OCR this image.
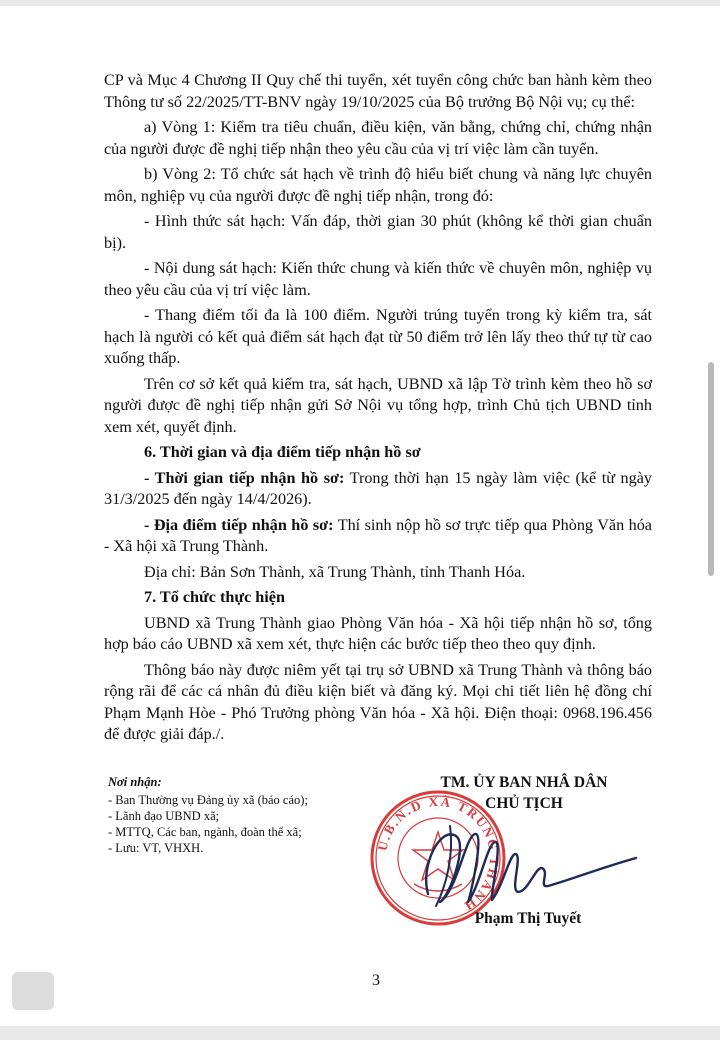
CP và Mục 4 Chương II Quy chế thi tuyển, xét tuyển công chức ban hành kèm theo Thông tư số 22/2025/TT-BNV ngày 19/10/2025 của Bộ trưởng Bộ Nội vụ; cụ thể:

a) Vòng 1: Kiểm tra tiêu chuẩn, điều kiện, văn bằng, chứng chỉ, chứng nhận của người được đề nghị tiếp nhận theo yêu cầu của vị trí việc làm cần tuyển.

b) Vòng 2: Tổ chức sát hạch về trình độ hiểu biết chung và năng lực chuyên môn, nghiệp vụ của người được đề nghị tiếp nhận, trong đó:

- Hình thức sát hạch: Vấn đáp, thời gian 30 phút (không kể thời gian chuẩn bị).

- Nội dung sát hạch: Kiến thức chung và kiến thức về chuyên môn, nghiệp vụ theo yêu cầu của vị trí việc làm.

- Thang điểm tối đa là 100 điểm. Người trúng tuyển trong kỳ kiểm tra, sát hạch là người có kết quả điểm sát hạch đạt từ 50 điểm trở lên lấy theo thứ tự từ cao xuống thấp.

Trên cơ sở kết quả kiểm tra, sát hạch, UBND xã lập Tờ trình kèm theo hồ sơ người được đề nghị tiếp nhận gửi Sở Nội vụ tổng hợp, trình Chủ tịch UBND tỉnh xem xét, quyết định.

6. Thời gian và địa điểm tiếp nhận hồ sơ

- Thời gian tiếp nhận hồ sơ: Trong thời hạn 15 ngày làm việc (kể từ ngày 31/3/2025 đến ngày 14/4/2026).

- Địa điểm tiếp nhận hồ sơ: Thí sinh nộp hồ sơ trực tiếp qua Phòng Văn hóa - Xã hội xã Trung Thành.

Địa chỉ: Bản Sơn Thành, xã Trung Thành, tỉnh Thanh Hóa.

7. Tổ chức thực hiện

UBND xã Trung Thành giao Phòng Văn hóa - Xã hội tiếp nhận hồ sơ, tổng hợp báo cáo UBND xã xem xét, thực hiện các bước tiếp theo theo quy định.

Thông báo này được niêm yết tại trụ sở UBND xã Trung Thành và thông báo rộng rãi để các cá nhân đủ điều kiện biết và đăng ký. Mọi chi tiết liên hệ đồng chí Phạm Mạnh Hòe - Phó Trưởng phòng Văn hóa - Xã hội. Điện thoại: 0968.196.456 để được giải đáp./.

Nơi nhận:
- Ban Thường vụ Đảng ủy xã (báo cáo);
- Lãnh đạo UBND xã;
- MTTQ, Các ban, ngành, đoàn thể xã;
- Lưu: VT, VHXH.
TM. ỦY BAN NHÂ DÂN
CHỦ TỊCH
U.B.N.D XÃ TRUNG THÀNH
Phạm Thị Tuyết
3
